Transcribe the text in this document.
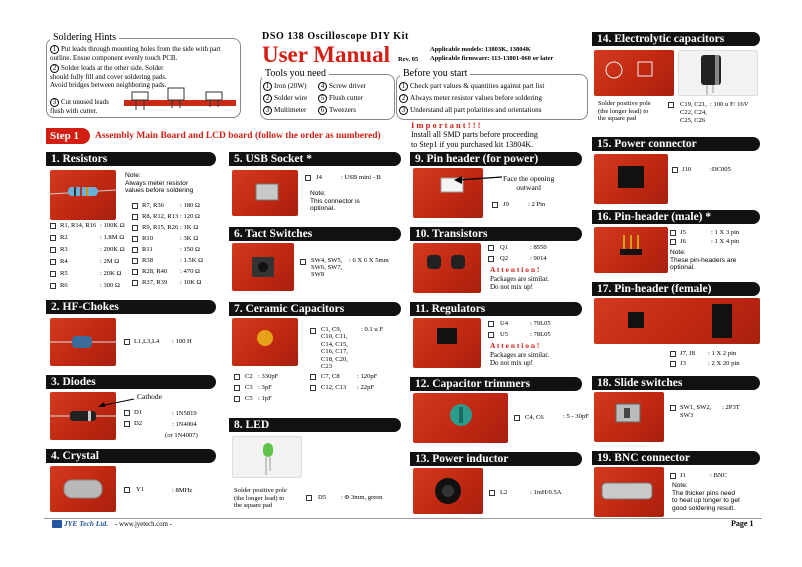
Soldering Hints
1 Put leads through mounting holes from the side with part outline. Ensue component evenly touch PCB.
2 Solder leads at the other side. Solder should fully fill and cover soldering pads. Avoid bridges between neighboring pads.
3 Cut unused leads flush with cutter.
DSO 138 Oscilloscope DIY Kit
User Manual Rev. 05
Applicable models: 13803K, 13804K
Applicable firmware: 113-13801-060 or later
Tools you need
1 Iron (20W)	4 Screw driver
2 Solder wire	5 Flush cutter
3 Multimeter	6 Tweezers
Before you start
1 Check part values & quantities against part list
2 Always meter resistor values before soldering
3 Understand all part polarities and orientations
I m p o r t a n t ! ! !
Install all SMD parts before proceeding
to Step1 if you purchased kit 13804K.
Step 1	Assembly Main Board and LCD board (follow the order as numbered)
1. Resistors
Note:
Always meter resistor
values before soldering
R1, R14, R16 : 100K Ω
R2	: 1.8M Ω
R3	: 200K Ω
R4	: 2M Ω
R5	: 20K Ω
R6	: 300 Ω
R7, R36 : 180 Ω
R8, R12, R13 : 120 Ω
R9, R15, R26 : 1K Ω
R10	: 3K Ω
R11	: 150 Ω
R38	: 1.5K Ω
R28, R40 : 470 Ω
R37, R39 : 10K Ω
2. HF-Chokes
L1,L3,L4 : 100 H
3. Diodes
Cathode
D1	: 1N5819
D2	: 1N4004
(or 1N4007)
4. Crystal
Y1	: 8MHz
5. USB Socket *
J4	: USB mini - B
Note:
This connector is
optional.
6. Tact Switches
SW4, SW5,
SW6, SW7,
SW8
: 6 X 6 X 5mm
7. Ceramic Capacitors
C1, C9,
C10, C11,
C14, C15,
C16, C17,
C18, C20,
C23
: 0.1 u F
C2 : 330pF	C7, C8	: 120pF
C3 : 3pF	C12, C13 : 22pF
C5 : 1pF
8. LED
Solder positive pole
(the longer lead) to
the square pad
D5 : Φ 3mm, green
9. Pin header (for power)
Face the opening
outward
J9	: 2 Pin
10. Transistors
Q1	: 8550
Q2	: 9014
A t t e n t i o n !
Packages are similar.
Do not mix up!
11. Regulators
U4	: 79L05
U5	: 78L05
A t t e n t i o n !
Packages are similar.
Do not mix up!
12. Capacitor trimmers
C4, C6	: 5 - 30pF
13. Power inductor
L2	: 1mH/0.5A
14. Electrolytic capacitors
Solder positive pole
(the longer lead) to
the square pad
C19, C21,
C22, C24,
C25, C26
: 100 u F/ 16V
15. Power connector
J10	:DC005
16. Pin-header (male) *
J5	: 1 X 3 pin
J6	: 1 X 4 pin
Note:
These pin-headers are
optional.
17. Pin-header (female)
J7, J8 : 1 X 2 pin
J3	: 2 X 20 pin
18. Slide switches
SW1, SW2,
SW3
: 2P3T
19. BNC connector
J1	: BNC
Note:
The thicker pins need
to heat up longer to get
good soldering result.
JYE Tech Ltd. - www.jyetech.com -	Page 1
